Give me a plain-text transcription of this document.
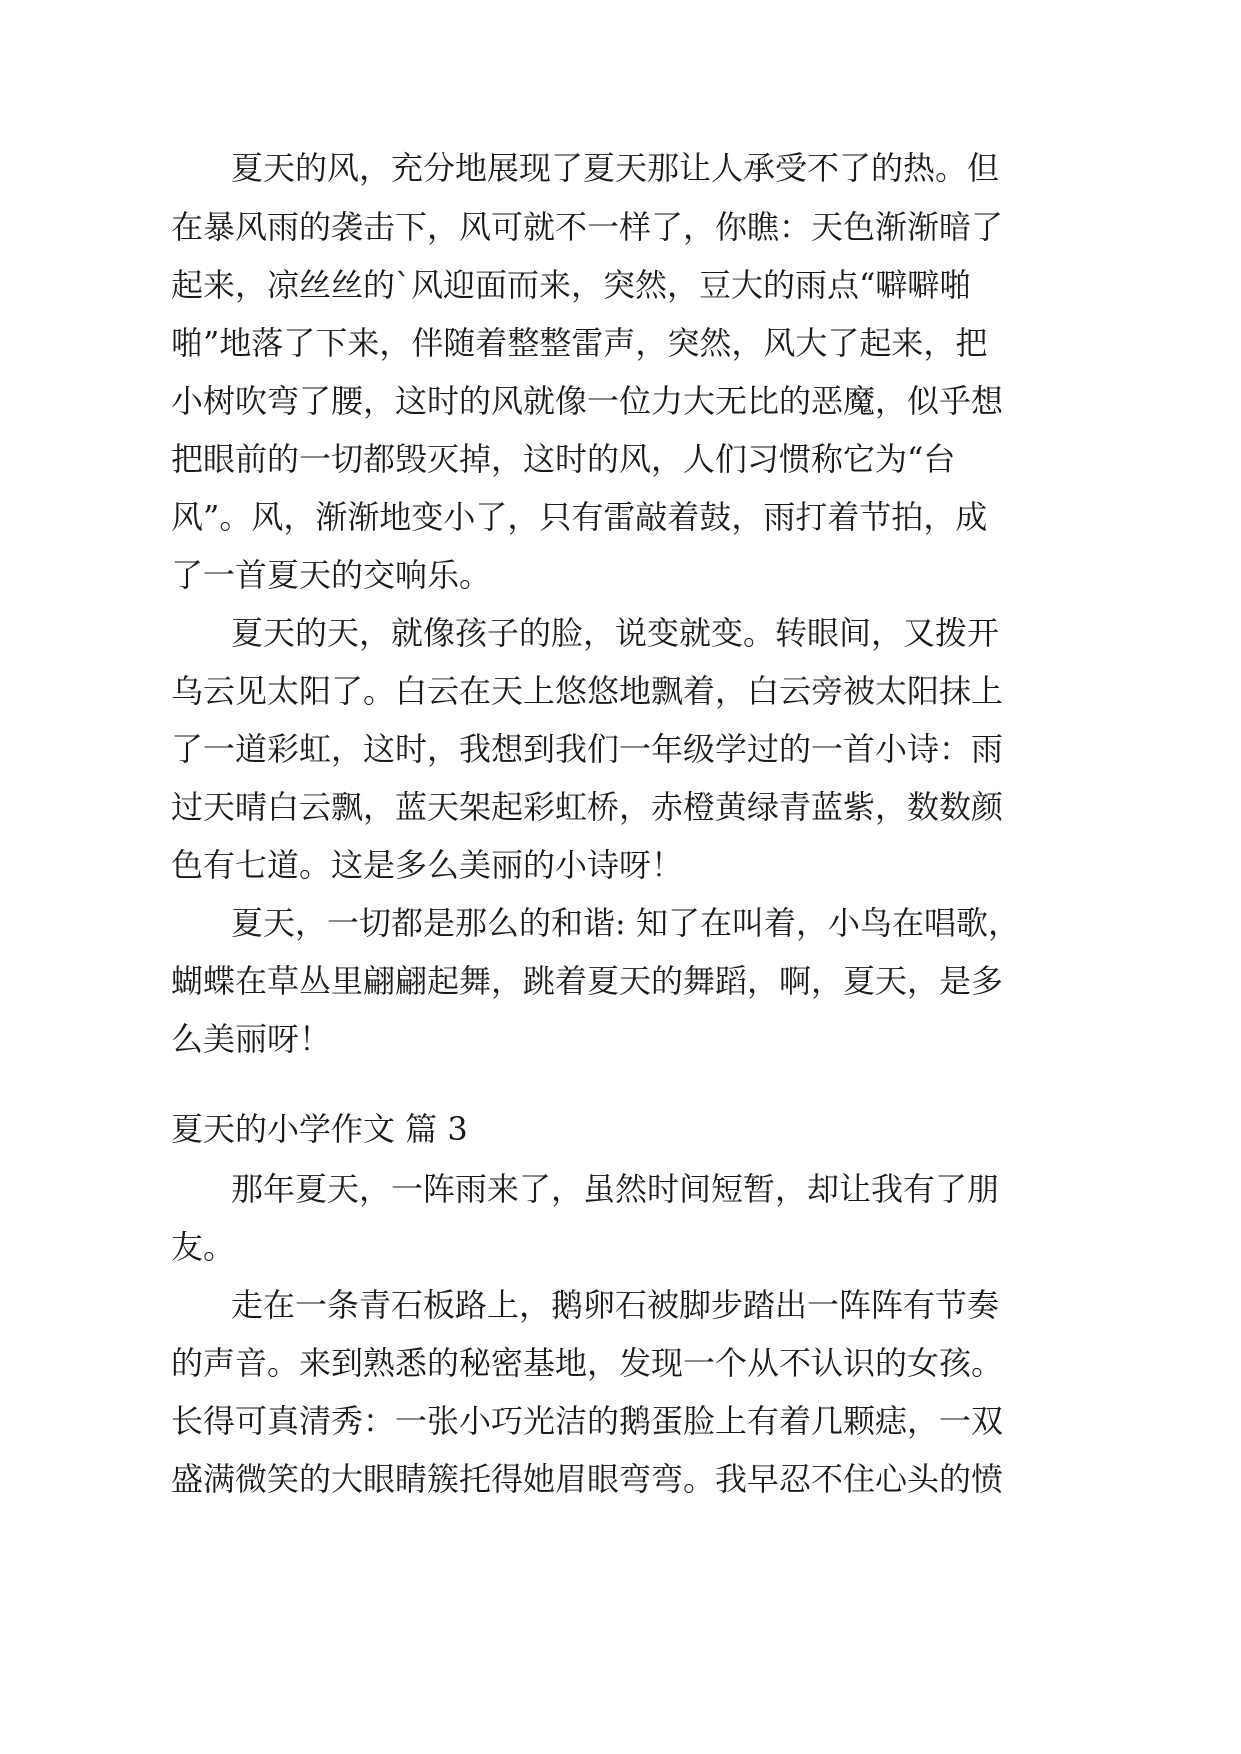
夏天的风，充分地展现了夏天那让人承受不了的热。但
在暴风雨的袭击下，风可就不一样了，你瞧：天色渐渐暗了
起来，凉丝丝的`风迎面而来，突然，豆大的雨点“噼噼啪
啪”地落了下来，伴随着整整雷声，突然，风大了起来，把
小树吹弯了腰，这时的风就像一位力大无比的恶魔，似乎想
把眼前的一切都毁灭掉，这时的风，人们习惯称它为“台
风”。风，渐渐地变小了，只有雷敲着鼓，雨打着节拍，成
了一首夏天的交响乐。
夏天的天，就像孩子的脸，说变就变。转眼间，又拨开
乌云见太阳了。白云在天上悠悠地飘着，白云旁被太阳抹上
了一道彩虹，这时，我想到我们一年级学过的一首小诗：雨
过天晴白云飘，蓝天架起彩虹桥，赤橙黄绿青蓝紫，数数颜
色有七道。这是多么美丽的小诗呀！
夏天，一切都是那么的和谐: 知了在叫着，小鸟在唱歌，
蝴蝶在草丛里翩翩起舞，跳着夏天的舞蹈，啊，夏天，是多
么美丽呀！
夏天的小学作文 篇 3
那年夏天，一阵雨来了，虽然时间短暂，却让我有了朋
友。
走在一条青石板路上，鹅卵石被脚步踏出一阵阵有节奏
的声音。来到熟悉的秘密基地，发现一个从不认识的女孩。
长得可真清秀：一张小巧光洁的鹅蛋脸上有着几颗痣，一双
盛满微笑的大眼睛簇托得她眉眼弯弯。我早忍不住心头的愤
